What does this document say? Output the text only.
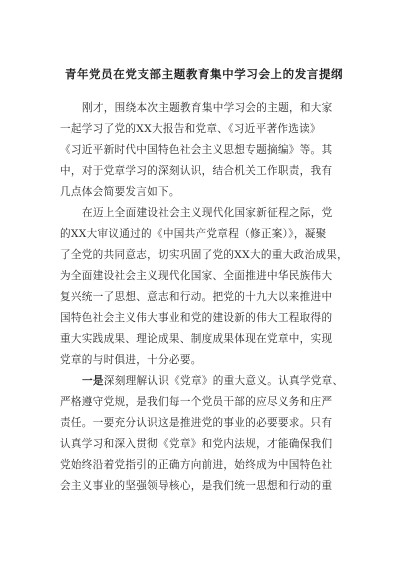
青年党员在党支部主题教育集中学习会上的发言提纲
刚才，围绕本次主题教育集中学习会的主题，和大家
一起学习了党的XX大报告和党章、《习近平著作选读》
《习近平新时代中国特色社会主义思想专题摘编》等。其
中，对于党章学习的深刻认识，结合机关工作职责，我有
几点体会简要发言如下。
在迈上全面建设社会主义现代化国家新征程之际，党
的XX大审议通过的《中国共产党章程（修正案）》，凝聚
了全党的共同意志，切实巩固了党的XX大的重大政治成果，
为全面建设社会主义现代化国家、全面推进中华民族伟大
复兴统一了思想、意志和行动。把党的十九大以来推进中
国特色社会主义伟大事业和党的建设新的伟大工程取得的
重大实践成果、理论成果、制度成果体现在党章中，实现
党章的与时俱进，十分必要。
一是深刻理解认识《党章》的重大意义。认真学党章、
严格遵守党规，是我们每一个党员干部的应尽义务和庄严
责任。一要充分认识这是推进党的事业的必要要求。只有
认真学习和深入贯彻《党章》和党内法规，才能确保我们
党始终沿着党指引的正确方向前进，始终成为中国特色社
会主义事业的坚强领导核心，是我们统一思想和行动的重
